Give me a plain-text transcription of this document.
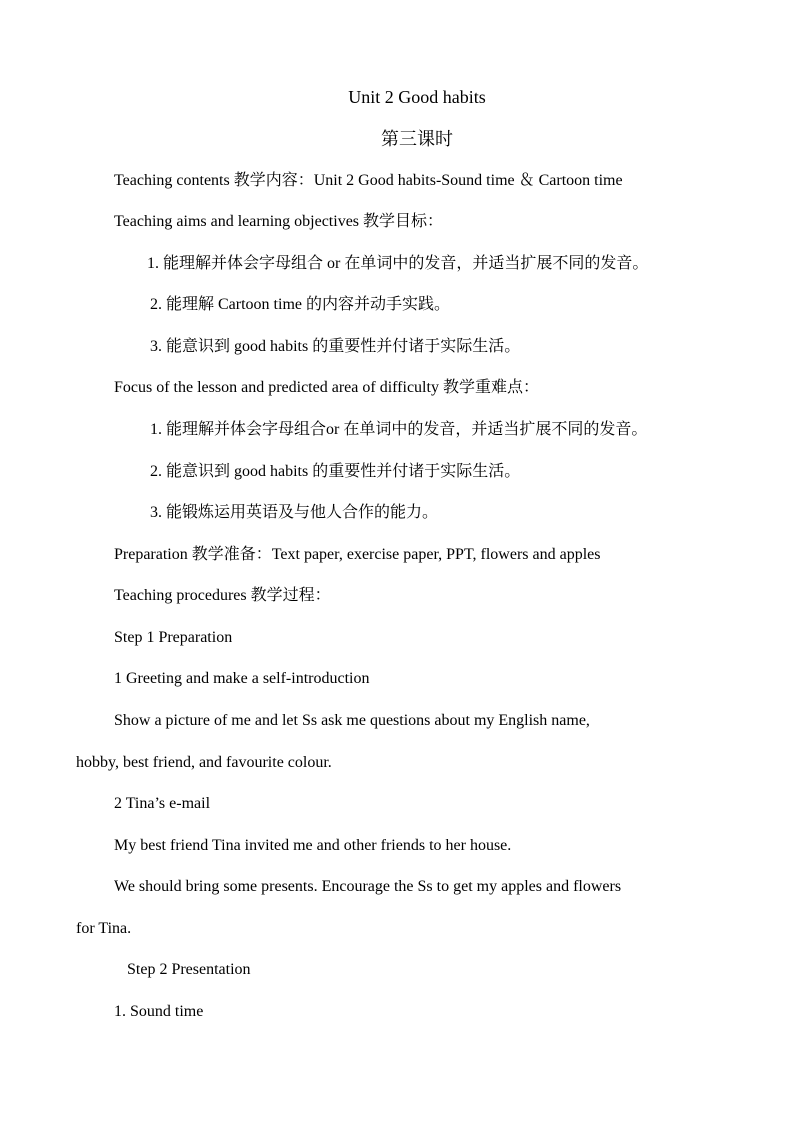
Unit 2 Good habits
第三课时
Teaching contents 教学内容：Unit 2 Good habits-Sound time ＆ Cartoon time
Teaching aims and learning objectives 教学目标：
1. 能理解并体会字母组合 or 在单词中的发音，并适当扩展不同的发音。
2. 能理解 Cartoon time 的内容并动手实践。
3. 能意识到 good habits 的重要性并付诸于实际生活。
Focus of the lesson and predicted area of difficulty 教学重难点：
1. 能理解并体会字母组合or 在单词中的发音，并适当扩展不同的发音。
2. 能意识到 good habits 的重要性并付诸于实际生活。
3. 能锻炼运用英语及与他人合作的能力。
Preparation 教学准备：Text paper, exercise paper, PPT, flowers and apples
Teaching procedures 教学过程：
Step 1 Preparation
1 Greeting and make a self-introduction
Show a picture of me and let Ss ask me questions about my English name,
hobby, best friend, and favourite colour.
2 Tina’s e-mail
My best friend Tina invited me and other friends to her house.
We should bring some presents. Encourage the Ss to get my apples and flowers
for Tina.
Step 2 Presentation
1. Sound time
